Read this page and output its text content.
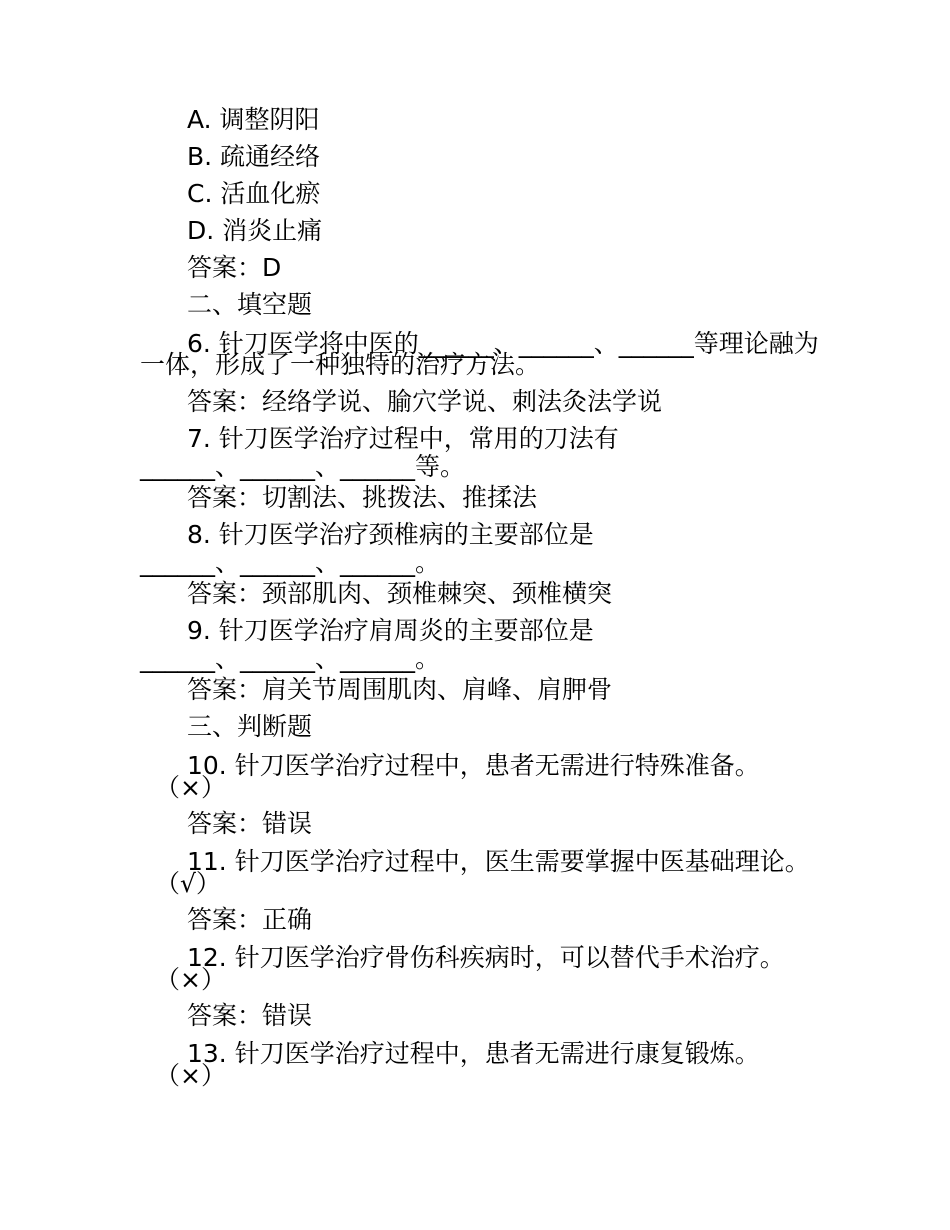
A. 调整阴阳
B. 疏通经络
C. 活血化瘀
D. 消炎止痛
答案：D
二、填空题
6. 针刀医学将中医的______、______、______等理论融为
一体，形成了一种独特的治疗方法。
答案：经络学说、腧穴学说、刺法灸法学说
7. 针刀医学治疗过程中，常用的刀法有
______、______、______等。
答案：切割法、挑拨法、推揉法
8. 针刀医学治疗颈椎病的主要部位是
______、______、______。
答案：颈部肌肉、颈椎棘突、颈椎横突
9. 针刀医学治疗肩周炎的主要部位是
______、______、______。
答案：肩关节周围肌肉、肩峰、肩胛骨
三、判断题
10. 针刀医学治疗过程中，患者无需进行特殊准备。
（×）
答案：错误
11. 针刀医学治疗过程中，医生需要掌握中医基础理论。
（√）
答案：正确
12. 针刀医学治疗骨伤科疾病时，可以替代手术治疗。
（×）
答案：错误
13. 针刀医学治疗过程中，患者无需进行康复锻炼。
（×）
